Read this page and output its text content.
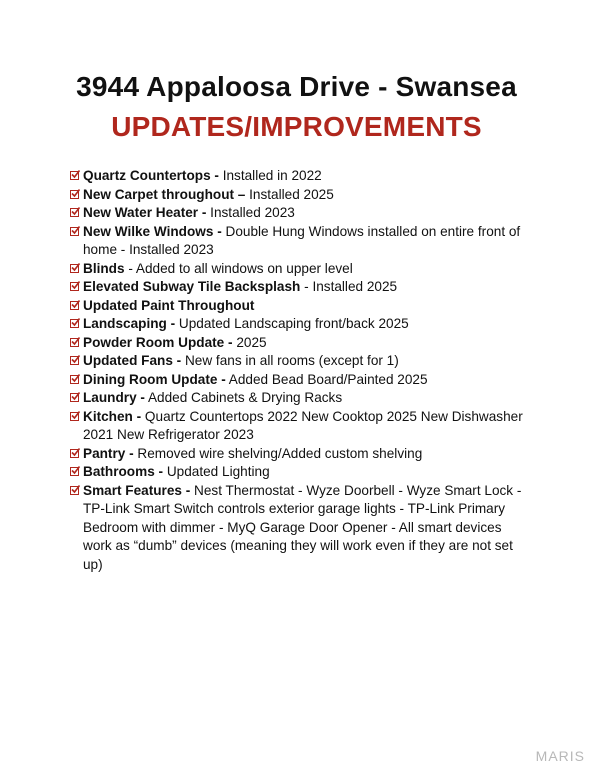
3944 Appaloosa Drive - Swansea
UPDATES/IMPROVEMENTS
Quartz Countertops - Installed in 2022
New Carpet throughout – Installed 2025
New Water Heater - Installed 2023
New Wilke Windows - Double Hung Windows installed on entire front of home - Installed 2023
Blinds - Added to all windows on upper level
Elevated Subway Tile Backsplash - Installed 2025
Updated Paint Throughout
Landscaping - Updated Landscaping front/back 2025
Powder Room Update - 2025
Updated Fans - New fans in all rooms (except for 1)
Dining Room Update - Added Bead Board/Painted 2025
Laundry - Added Cabinets & Drying Racks
Kitchen - Quartz Countertops 2022 New Cooktop 2025 New Dishwasher 2021 New Refrigerator 2023
Pantry - Removed wire shelving/Added custom shelving
Bathrooms - Updated Lighting
Smart Features - Nest Thermostat - Wyze Doorbell - Wyze Smart Lock - TP-Link Smart Switch controls exterior garage lights - TP-Link Primary Bedroom with dimmer - MyQ Garage Door Opener - All smart devices work as “dumb” devices (meaning they will work even if they are not set up)
MARIS
